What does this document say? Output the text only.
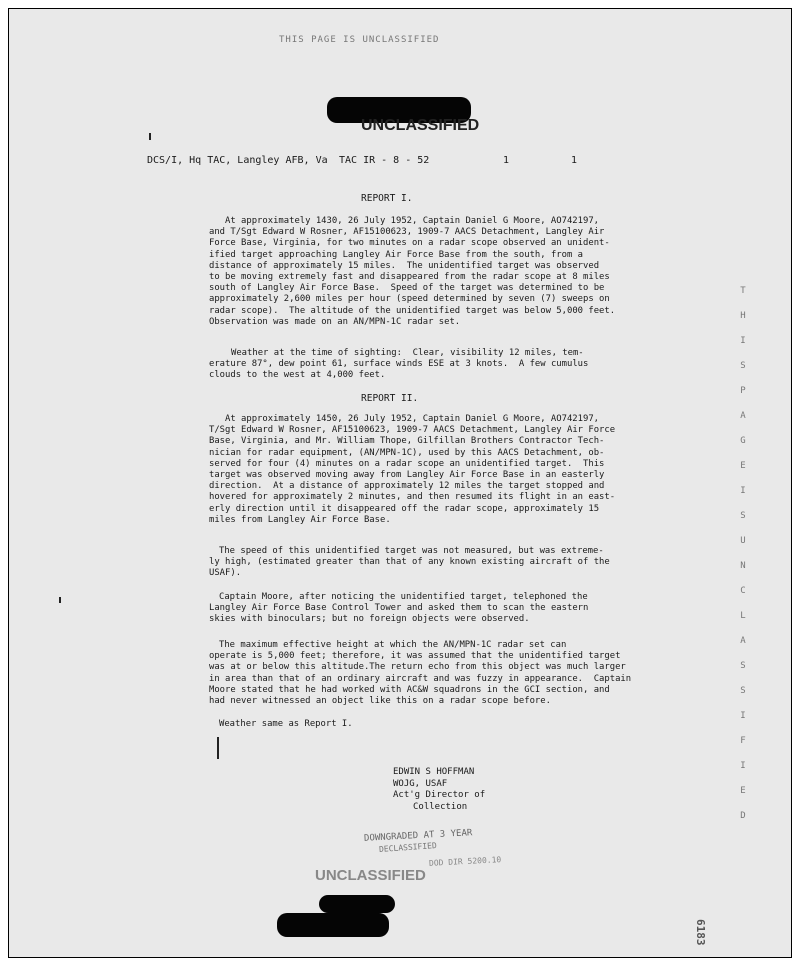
THIS PAGE IS UNCLASSIFIED
UNCLASSIFIED
DCS/I, Hq TAC, Langley AFB, Va TAC IR - 8 - 52	1	1
REPORT I.
At approximately 1430, 26 July 1952, Captain Daniel G Moore, AO742197,
and T/Sgt Edward W Rosner, AF15100623, 1909-7 AACS Detachment, Langley Air
Force Base, Virginia, for two minutes on a radar scope observed an unident-
ified target approaching Langley Air Force Base from the south, from a
distance of approximately 15 miles.  The unidentified target was observed
to be moving extremely fast and disappeared from the radar scope at 8 miles
south of Langley Air Force Base.  Speed of the target was determined to be
approximately 2,600 miles per hour (speed determined by seven (7) sweeps on
radar scope).  The altitude of the unidentified target was below 5,000 feet.
Observation was made on an AN/MPN-1C radar set.
Weather at the time of sighting:  Clear, visibility 12 miles, tem-
erature 87°, dew point 61, surface winds ESE at 3 knots.  A few cumulus
clouds to the west at 4,000 feet.
REPORT II.
At approximately 1450, 26 July 1952, Captain Daniel G Moore, AO742197,
T/Sgt Edward W Rosner, AF15100623, 1909-7 AACS Detachment, Langley Air Force
Base, Virginia, and Mr. William Thope, Gilfillan Brothers Contractor Tech-
nician for radar equipment, (AN/MPN-1C), used by this AACS Detachment, ob-
served for four (4) minutes on a radar scope an unidentified target.  This
target was observed moving away from Langley Air Force Base in an easterly
direction.  At a distance of approximately 12 miles the target stopped and
hovered for approximately 2 minutes, and then resumed its flight in an east-
erly direction until it disappeared off the radar scope, approximately 15
miles from Langley Air Force Base.
The speed of this unidentified target was not measured, but was extreme-
ly high, (estimated greater than that of any known existing aircraft of the
USAF).
Captain Moore, after noticing the unidentified target, telephoned the
Langley Air Force Base Control Tower and asked them to scan the eastern
skies with binoculars; but no foreign objects were observed.
The maximum effective height at which the AN/MPN-1C radar set can
operate is 5,000 feet; therefore, it was assumed that the unidentified target
was at or below this altitude.The return echo from this object was much larger
in area than that of an ordinary aircraft and was fuzzy in appearance.  Captain
Moore stated that he had worked with AC&W squadrons in the GCI section, and
had never witnessed an object like this on a radar scope before.
Weather same as Report I.
EDWIN S HOFFMAN
WOJG, USAF
Act'g Director of
Collection
DOWNGRADED AT 3 YEAR
DECLASSIFIED
DOD DIR 5200.10
UNCLASSIFIED
T
H
I
S
P
A
G
E
I
S
U
N
C
L
A
S
S
I
F
I
E
D
6183
